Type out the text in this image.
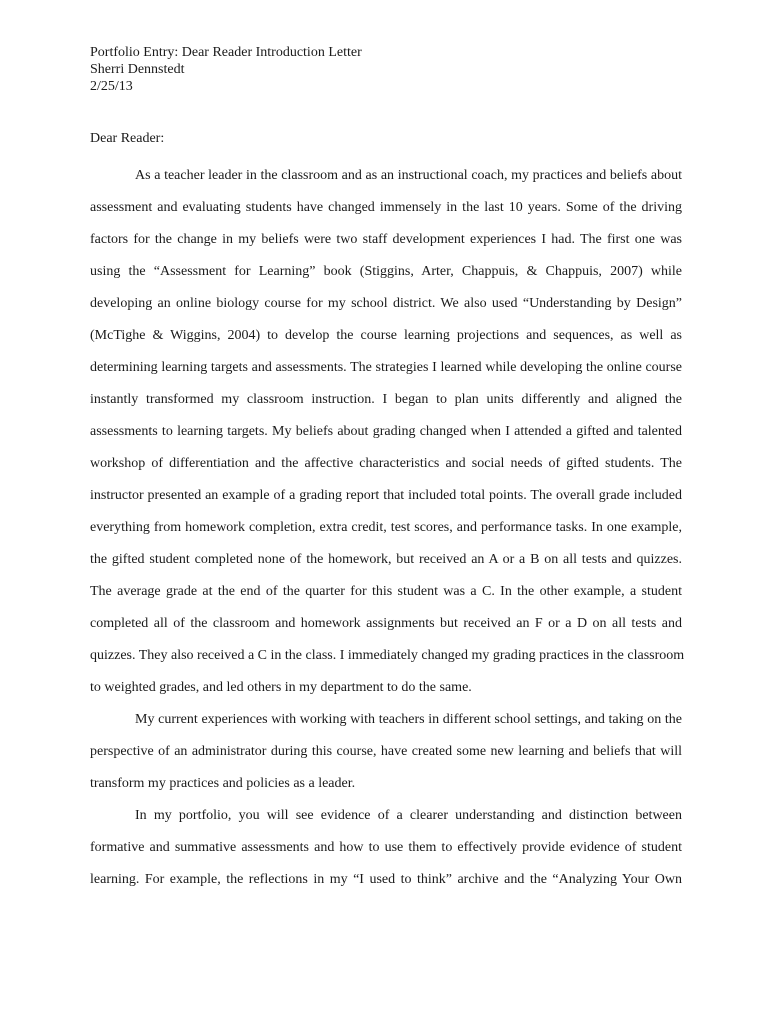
Portfolio Entry: Dear Reader Introduction Letter
Sherri Dennstedt
2/25/13
Dear Reader:
As a teacher leader in the classroom and as an instructional coach, my practices and beliefs about
assessment and evaluating students have changed immensely in the last 10 years. Some of the driving
factors for the change in my beliefs were two staff development experiences I had. The first one was
using the “Assessment for Learning” book (Stiggins, Arter, Chappuis, & Chappuis, 2007) while
developing an online biology course for my school district. We also used “Understanding by Design”
(McTighe & Wiggins, 2004) to develop the course learning projections and sequences, as well as
determining learning targets and assessments. The strategies I learned while developing the online course
instantly transformed my classroom instruction. I began to plan units differently and aligned the
assessments to learning targets. My beliefs about grading changed when I attended a gifted and talented
workshop of differentiation and the affective characteristics and social needs of gifted students. The
instructor presented an example of a grading report that included total points. The overall grade included
everything from homework completion, extra credit, test scores, and performance tasks. In one example,
the gifted student completed none of the homework, but received an A or a B on all tests and quizzes.
The average grade at the end of the quarter for this student was a C. In the other example, a student
completed all of the classroom and homework assignments but received an F or a D on all tests and
quizzes. They also received a C in the class. I immediately changed my grading practices in the classroom
to weighted grades, and led others in my department to do the same.
My current experiences with working with teachers in different school settings, and taking on the
perspective of an administrator during this course, have created some new learning and beliefs that will
transform my practices and policies as a leader.
In my portfolio, you will see evidence of a clearer understanding and distinction between
formative and summative assessments and how to use them to effectively provide evidence of student
learning. For example, the reflections in my “I used to think” archive and the “Analyzing Your Own
